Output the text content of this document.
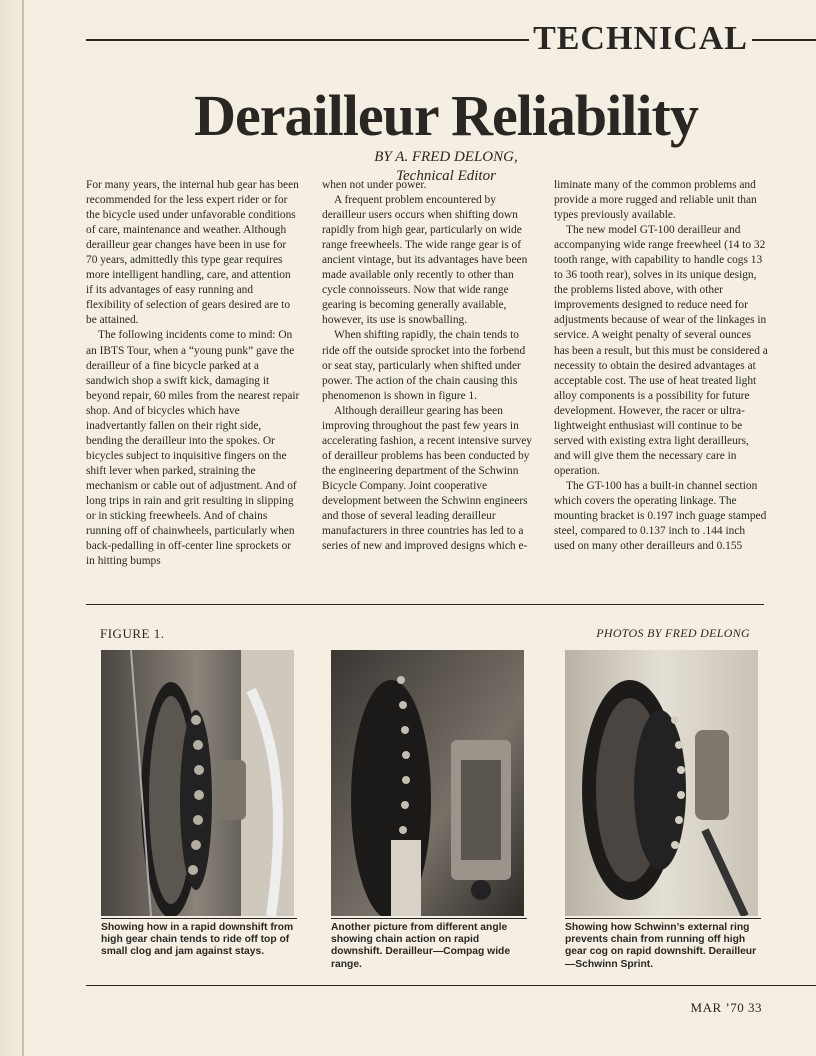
TECHNICAL
Derailleur Reliability
BY A. FRED DELONG,
Technical Editor

For many years, the internal hub gear has been recommended for the less expert rider or for the bicycle used under unfavorable conditions of care, maintenance and weather. Although derailleur gear changes have been in use for 70 years, admittedly this type gear requires more intelligent handling, care, and attention if its advantages of easy running and flexibility of selection of gears desired are to be attained.

The following incidents come to mind: On an IBTS Tour, when a “young punk” gave the derailleur of a fine bicycle parked at a sandwich shop a swift kick, damaging it beyond repair, 60 miles from the nearest repair shop. And of bicycles which have inadvertantly fallen on their right side, bending the derailleur into the spokes. Or bicycles subject to inquisitive fingers on the shift lever when parked, straining the mechanism or cable out of adjustment. And of long trips in rain and grit resulting in slipping or in sticking freewheels. And of chains running off of chainwheels, particularly when back-pedalling in off-center line sprockets or in hitting bumps

when not under power.

A frequent problem encountered by derailleur users occurs when shifting down rapidly from high gear, particularly on wide range freewheels. The wide range gear is of ancient vintage, but its advantages have been made available only recently to other than cycle connoisseurs. Now that wide range gearing is becoming generally available, however, its use is snowballing.

When shifting rapidly, the chain tends to ride off the outside sprocket into the forbend or seat stay, particularly when shifted under power. The action of the chain causing this phenomenon is shown in figure 1.

Although derailleur gearing has been improving throughout the past few years in accelerating fashion, a recent intensive survey of derailleur problems has been conducted by the engineering department of the Schwinn Bicycle Company. Joint cooperative development between the Schwinn engineers and those of several leading derailleur manufacturers in three countries has led to a series of new and improved designs which e-

liminate many of the common problems and provide a more rugged and reliable unit than types previously available.

The new model GT-100 derailleur and accompanying wide range freewheel (14 to 32 tooth range, with capability to handle cogs 13 to 36 tooth rear), solves in its unique design, the problems listed above, with other improvements designed to reduce need for adjustments because of wear of the linkages in service. A weight penalty of several ounces has been a result, but this must be considered a necessity to obtain the desired advantages at acceptable cost. The use of heat treated light alloy components is a possibility for future development. However, the racer or ultra-lightweight enthusiast will continue to be served with existing extra light derailleurs, and will give them the necessary care in operation.

The GT-100 has a built-in channel section which covers the operating linkage. The mounting bracket is 0.197 inch guage stamped steel, compared to 0.137 inch to .144 inch used on many other derailleurs and 0.155

FIGURE 1.	PHOTOS BY FRED DELONG
Showing how in a rapid downshift from high gear chain tends to ride off top of small clog and jam against stays.
Another picture from different angle showing chain action on rapid downshift. Derailleur—Compag wide range.
Showing how Schwinn’s external ring prevents chain from running off high gear cog on rapid downshift. Derailleur—Schwinn Sprint.
MAR ’70 33
